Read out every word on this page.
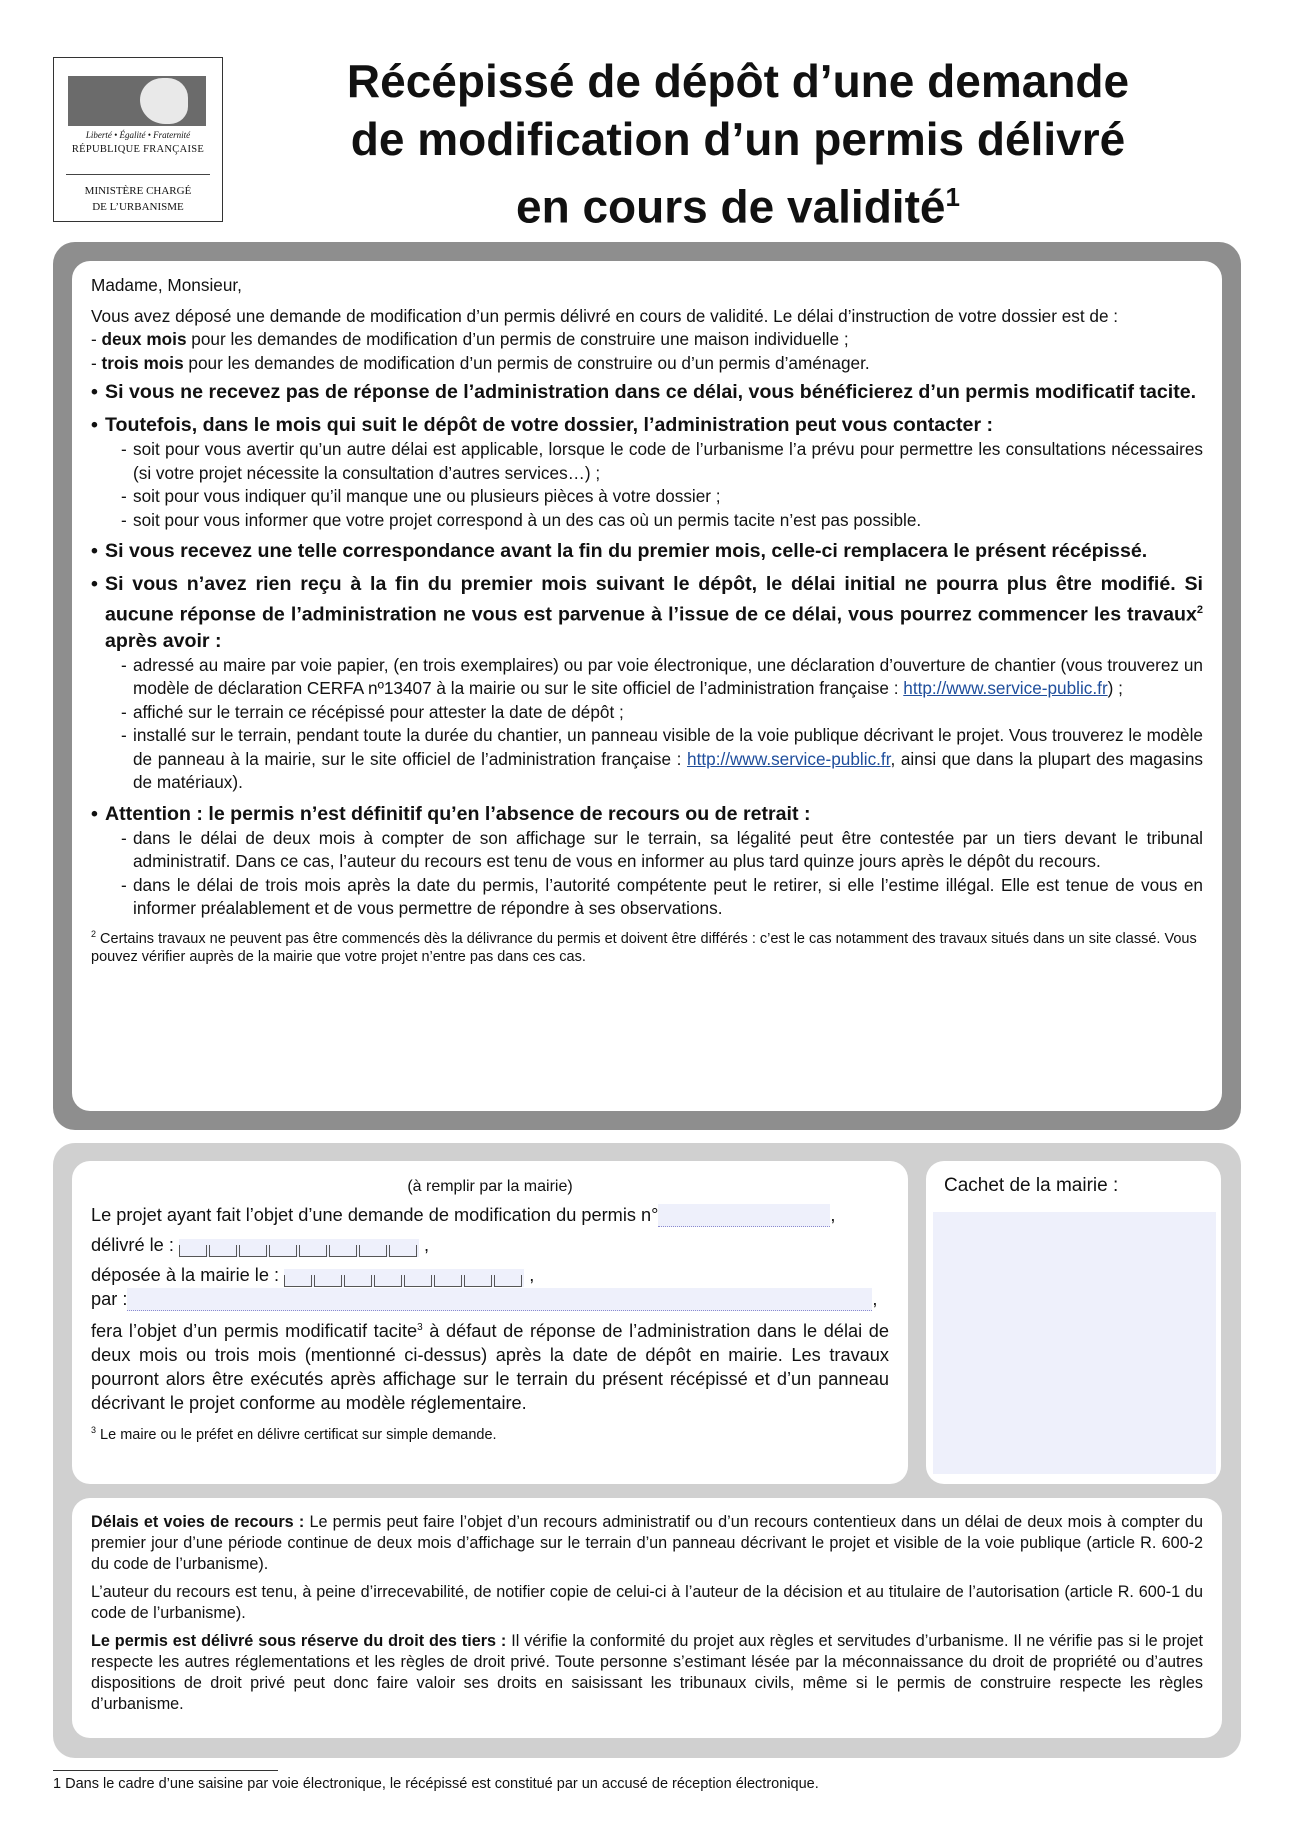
Liberté • Égalité • Fraternité
RÉPUBLIQUE FRANÇAISE
MINISTÈRE CHARGÉ
DE L’URBANISME
Récépissé de dépôt d’une demande
de modification d’un permis délivré
en cours de validité$^1$

Madame, Monsieur,

Vous avez déposé une demande de modification d’un permis délivré en cours de validité. Le délai d’instruction de votre dossier est de :

- deux mois pour les demandes de modification d’un permis de construire une maison individuelle ;

- trois mois pour les demandes de modification d’un permis de construire ou d’un permis d’aménager.

• Si vous ne recevez pas de réponse de l’administration dans ce délai, vous bénéficierez d’un permis modificatif tacite.
• Toutefois, dans le mois qui suit le dépôt de votre dossier, l’administration peut vous contacter :
- soit pour vous avertir qu’un autre délai est applicable, lorsque le code de l’urbanisme l’a prévu pour permettre les consultations nécessaires (si votre projet nécessite la consultation d’autres services…) ;
- soit pour vous indiquer qu’il manque une ou plusieurs pièces à votre dossier ;
- soit pour vous informer que votre projet correspond à un des cas où un permis tacite n’est pas possible.
• Si vous recevez une telle correspondance avant la fin du premier mois, celle-ci remplacera le présent récépissé.
• Si vous n’avez rien reçu à la fin du premier mois suivant le dépôt, le délai initial ne pourra plus être modifié. Si aucune réponse de l’administration ne vous est parvenue à l’issue de ce délai, vous pourrez commencer les travaux$^2$ après avoir :
- adressé au maire par voie papier, (en trois exemplaires) ou par voie électronique, une déclaration d’ouverture de chantier (vous trouverez un modèle de déclaration CERFA nº13407 à la mairie ou sur le site officiel de l’administration française : http://www.service-public.fr) ;
- affiché sur le terrain ce récépissé pour attester la date de dépôt ;
- installé sur le terrain, pendant toute la durée du chantier, un panneau visible de la voie publique décrivant le projet. Vous trouverez le modèle de panneau à la mairie, sur le site officiel de l’administration française : http://www.service-public.fr, ainsi que dans la plupart des magasins de matériaux).
• Attention : le permis n’est définitif qu’en l’absence de recours ou de retrait :
- dans le délai de deux mois à compter de son affichage sur le terrain, sa légalité peut être contestée par un tiers devant le tribunal administratif. Dans ce cas, l’auteur du recours est tenu de vous en informer au plus tard quinze jours après le dépôt du recours.
- dans le délai de trois mois après la date du permis, l’autorité compétente peut le retirer, si elle l’estime illégal. Elle est tenue de vous en informer préalablement et de vous permettre de répondre à ses observations.

$^2$ Certains travaux ne peuvent pas être commencés dès la délivrance du permis et doivent être différés : c’est le cas notamment des travaux situés dans un site classé. Vous pouvez vérifier auprès de la mairie que votre projet n’entre pas dans ces cas.

Cachet de la mairie :
(à remplir par la mairie)
Le projet ayant fait l’objet d’une demande de modification du permis n°	,
délivré le :	,
déposée à la mairie le :	,
par :	,
fera l’objet d’un permis modificatif tacite$^3$ à défaut de réponse de l’administration dans le délai de deux mois ou trois mois (mentionné ci-dessus) après la date de dépôt en mairie. Les travaux pourront alors être exécutés après affichage sur le terrain du présent récépissé et d’un panneau décrivant le projet conforme au modèle réglementaire.
$^3$ Le maire ou le préfet en délivre certificat sur simple demande.

Délais et voies de recours : Le permis peut faire l’objet d’un recours administratif ou d’un recours contentieux dans un délai de deux mois à compter du premier jour d’une période continue de deux mois d’affichage sur le terrain d’un panneau décrivant le projet et visible de la voie publique (article R. 600-2 du code de l’urbanisme).

L’auteur du recours est tenu, à peine d’irrecevabilité, de notifier copie de celui-ci à l’auteur de la décision et au titulaire de l’autorisation (article R. 600-1 du code de l’urbanisme).

Le permis est délivré sous réserve du droit des tiers : Il vérifie la conformité du projet aux règles et servitudes d’urbanisme. Il ne vérifie pas si le projet respecte les autres réglementations et les règles de droit privé. Toute personne s’estimant lésée par la méconnaissance du droit de propriété ou d’autres dispositions de droit privé peut donc faire valoir ses droits en saisissant les tribunaux civils, même si le permis de construire respecte les règles d’urbanisme.

1 Dans le cadre d’une saisine par voie électronique, le récépissé est constitué par un accusé de réception électronique.
